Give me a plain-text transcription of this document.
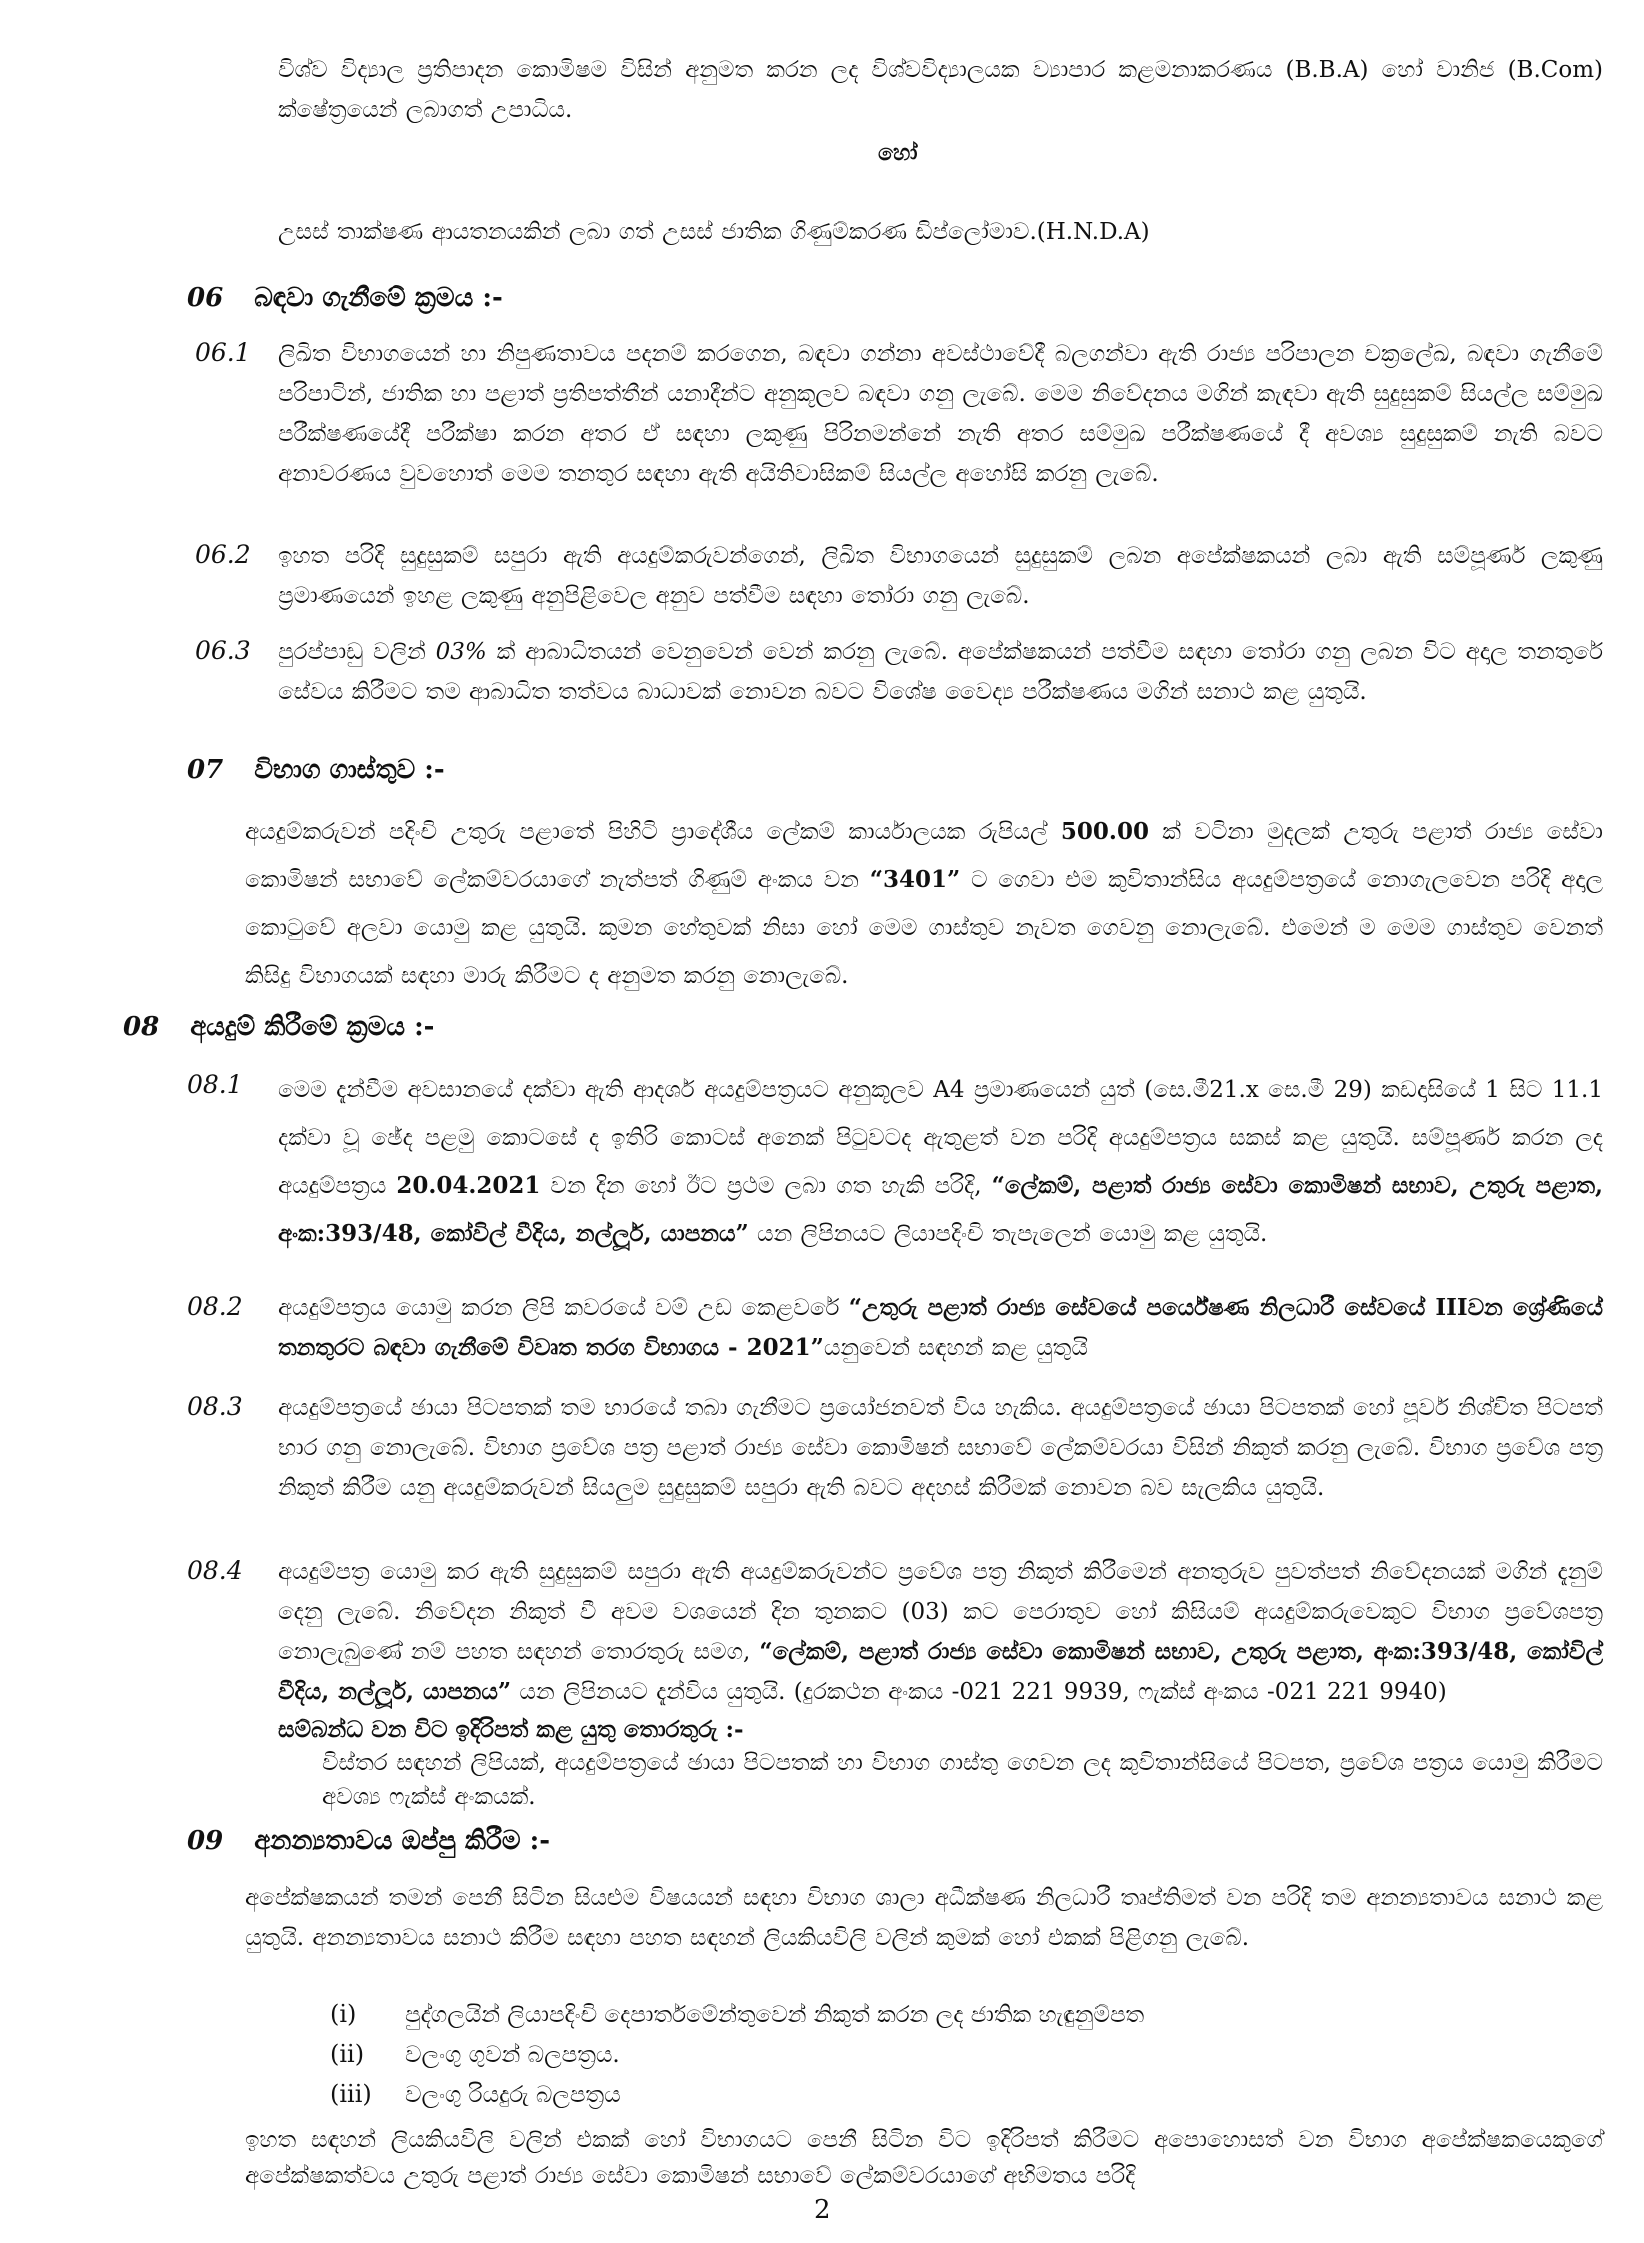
විශ්ව විද්‍යාල ප්‍රතිපාදන කොමිෂම විසින් අනුමත කරන ලද විශ්වවිද්‍යාලයක ව්‍යාපාර කළමනාකරණය (B.B.A) හෝ වානිජ (B.Com) ක්ෂේත්‍රයෙන් ලබාගත් උපාධිය.
හෝ
උසස් තාක්ෂණ ආයතනයකින් ලබා ගත් උසස් ජාතික ගිණුම්කරණ ඩිප්ලෝමාව.(H.N.D.A)
06 බඳවා ගැනීමේ ක්‍රමය :-
06.1 ලිඛිත විභාගයෙන් හා නිපුණතාවය පදනම් කරගෙන, බඳවා ගන්නා අවස්ථාවේදී බලගන්වා ඇති රාජ්‍ය පරිපාලන චක්‍රලේඛ, බඳවා ගැනීමේ පරිපාටින්, ජාතික හා පළාත් ප්‍රතිපත්තීන් යනාදීන්ට අනුකූලව බඳවා ගනු ලැබේ. මෙම නිවේදනය මගින් කැඳවා ඇති සුදුසුකම් සියල්ල සම්මුඛ පරීක්ෂණයේදී පරීක්ෂා කරන අතර ඒ සඳහා ලකුණු පිරිනමන්නේ නැති අතර සම්මුඛ පරීක්ෂණයේ දී අවශ්‍ය සුදුසුකම් නැති බවට අනාවරණය වුවහොත් මෙම තනතුර සඳහා ඇති අයිතිවාසිකම් සියල්ල අහෝසි කරනු ලැබේ.
06.2 ඉහත පරිදි සුදුසුකම් සපුරා ඇති අයදුම්කරුවන්ගෙන්, ලිඛිත විභාගයෙන් සුදුසුකම් ලබන අපේක්ෂකයන් ලබා ඇති සම්පූර්ණ ලකුණු ප්‍රමාණයෙන් ඉහළ ලකුණු අනුපිළිවෙල අනුව පත්වීම සඳහා තෝරා ගනු ලැබේ.
06.3 පුරප්පාඩු වලින් 03% ක් ආබාධිතයන් වෙනුවෙන් වෙන් කරනු ලැබේ. අපේක්ෂකයන් පත්වීම සඳහා තෝරා ගනු ලබන විට අදාල තනතුරේ සේවය කිරීමට තම ආබාධිත තත්වය බාධාවක් නොවන බවට විශේෂ වෛද්‍ය පරීක්ෂණය මගින් සනාථ කළ යුතුයි.
07 විභාග ගාස්තුව :-
අයදුම්කරුවන් පදිංචි උතුරු පළාතේ පිහිටි ප්‍රාදේශීය ලේකම් කාර්යාලයක රුපියල් 500.00 ක් වටිනා මුදලක් උතුරු පළාත් රාජ්‍ය සේවා කොමිෂන් සභාවේ ලේකම්වරයාගේ නැත්පත් ගිණුම් අංකය වන “3401” ට ගෙවා එම කුවිතාන්සිය අයදුම්පත්‍රයේ නොගැලවෙන පරිදි අදාල කොටුවේ අලවා යොමු කළ යුතුයි. කුමන හේතුවක් නිසා හෝ මෙම ගාස්තුව නැවත ගෙවනු නොලැබේ. එමෙන් ම මෙම ගාස්තුව වෙනත් කිසිදු විභාගයක් සඳහා මාරු කිරීමට ද අනුමත කරනු නොලැබේ.
08 අයදුම් කිරීමේ ක්‍රමය :-
08.1 මෙම දැන්වීම අවසානයේ දක්වා ඇති ආදර්ශ අයදුම්පත්‍රයට අනුකූලව A4 ප්‍රමාණයෙන් යුත් (සෙ.මී21.x සෙ.මී 29) කඩදාසියේ 1 සිට 11.1 දක්වා වූ ඡේද පළමු කොටසේ ද ඉතිරි කොටස් අනෙක් පිටුවටද ඇතුළත් වන පරිදි අයදුම්පත්‍රය සකස් කළ යුතුයි. සම්පූර්ණ කරන ලද අයදුම්පත්‍රය 20.04.2021 වන දින හෝ ඊට ප්‍රථම ලබා ගත හැකි පරිදි, “ලේකම්, පළාත් රාජ්‍ය සේවා කොමිෂන් සභාව, උතුරු පළාත, අංක:393/48, කෝවිල් වීදිය, නල්ලූර්, යාපනය” යන ලිපිනයට ලියාපදිංචි තැපැලෙන් යොමු කළ යුතුයි.
08.2 අයදුම්පත්‍රය යොමු කරන ලිපි කවරයේ වම් උඩ කෙළවරේ “උතුරු පළාත් රාජ්‍ය සේවයේ පර්යේෂණ නිලධාරී සේවයේ IIIවන ශ්‍රේණියේ තනතුරට බඳවා ගැනීමේ විවෘත තරග විභාගය - 2021”යනුවෙන් සඳහන් කළ යුතුයි
08.3 අයදුම්පත්‍රයේ ඡායා පිටපතක් තම භාරයේ තබා ගැනීමට ප්‍රයෝජනවත් විය හැකිය. අයදුම්පත්‍රයේ ඡායා පිටපතක් හෝ පූර්ව නිශ්චිත පිටපත් භාර ගනු නොලැබේ. විභාග ප්‍රවේශ පත්‍ර පළාත් රාජ්‍ය සේවා කොමිෂන් සභාවේ ලේකම්වරයා විසින් නිකුත් කරනු ලැබේ. විභාග ප්‍රවේශ පත්‍ර නිකුත් කිරීම යනු අයදුම්කරුවන් සියලුම සුදුසුකම් සපුරා ඇති බවට අදහස් කිරීමක් නොවන බව සැලකිය යුතුයි.
08.4 අයදුම්පත්‍ර යොමු කර ඇති සුදුසුකම් සපුරා ඇති අයදුම්කරුවන්ට ප්‍රවේශ පත්‍ර නිකුත් කිරීමෙන් අනතුරුව පුවත්පත් නිවේදනයක් මගින් දැනුම් දෙනු ලැබේ. නිවේදන නිකුත් වී අවම වශයෙන් දින තුනකට (03) කට පෙරාතුව හෝ කිසියම් අයදුම්කරුවෙකුට විභාග ප්‍රවේශපත්‍ර නොලැබුණේ නම් පහත සඳහන් තොරතුරු සමග, “ලේකම්, පළාත් රාජ්‍ය සේවා කොමිෂන් සභාව, උතුරු පළාත, අංක:393/48, කෝවිල් වීදිය, නල්ලූර්, යාපනය” යන ලිපිනයට දැන්විය යුතුයි. (දුරකථන අංකය -021 221 9939, ෆැක්ස් අංකය -021 221 9940)
සම්බන්ධ වන විට ඉදිරිපත් කළ යුතු තොරතුරු :-
විස්තර සඳහන් ලිපියක්, අයදුම්පත්‍රයේ ඡායා පිටපතක් හා විභාග ගාස්තු ගෙවන ලද කුවිතාන්සියේ පිටපත, ප්‍රවේශ පත්‍රය යොමු කිරීමට අවශ්‍ය ෆැක්ස් අංකයක්.
09 අනන්‍යතාවය ඔප්පු කිරීම :-
අපේක්ෂකයන් තමන් පෙනී සිටින සියළුම විෂයයන් සඳහා විභාග ශාලා අධීක්ෂණ නිලධාරී තෘප්තිමත් වන පරිදි තම අනන්‍යතාවය සනාථ කළ යුතුයි. අනන්‍යතාවය සනාථ කිරීම සඳහා පහත සඳහන් ලියකියවිලි වලින් කුමක් හෝ එකක් පිළිගනු ලැබේ.
(i) පුද්ගලයින් ලියාපදිංචි දෙපාර්තමේන්තුවෙන් නිකුත් කරන ලද ජාතික හැඳුනුම්පත
(ii) වලංගු ගුවන් බලපත්‍රය.
(iii) වලංගු රියදුරු බලපත්‍රය
ඉහත සඳහන් ලියකියවිලි වලින් එකක් හෝ විභාගයට පෙනී සිටින විට ඉදිරිපත් කිරීමට අපොහොසත් වන විභාග අපේක්ෂකයෙකුගේ අපේක්ෂකත්වය උතුරු පළාත් රාජ්‍ය සේවා කොමිෂන් සභාවේ ලේකම්වරයාගේ අභිමතය පරිදි
2
